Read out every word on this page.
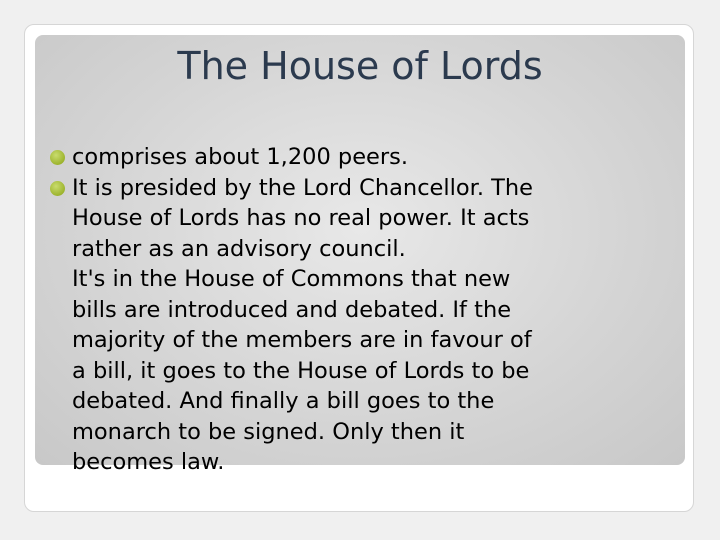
The House of Lords
comprises about 1,200 peers.
It is presided by the Lord Chancellor. The
House of Lords has no real power. It acts
rather as an advisory council.
It's in the House of Commons that new
bills are introduced and debated. If the
majority of the members are in favour of
a bill, it goes to the House of Lords to be
debated. And finally a bill goes to the
monarch to be signed. Only then it
becomes law.
